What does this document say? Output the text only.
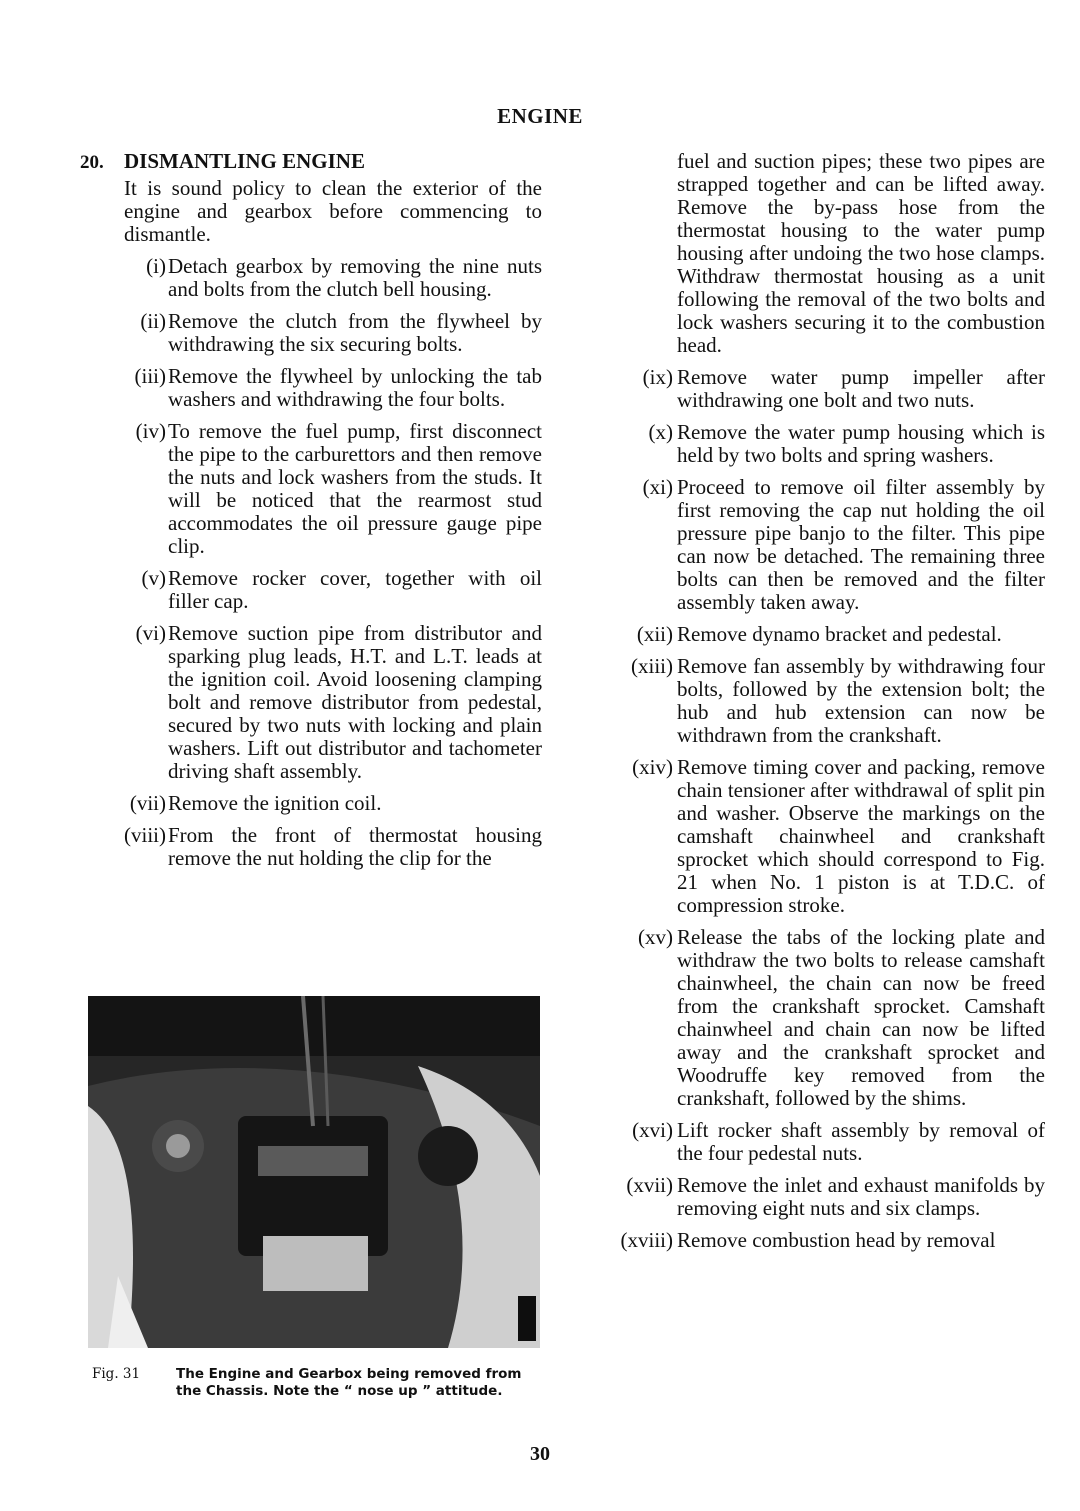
ENGINE
20. DISMANTLING ENGINE
It is sound policy to clean the exterior of the engine and gearbox before commencing to dismantle.
(i) Detach gearbox by removing the nine nuts and bolts from the clutch bell housing.
(ii) Remove the clutch from the flywheel by withdrawing the six securing bolts.
(iii) Remove the flywheel by unlocking the tab washers and withdrawing the four bolts.
(iv) To remove the fuel pump, first disconnect the pipe to the carburettors and then remove the nuts and lock washers from the studs. It will be noticed that the rearmost stud accommodates the oil pressure gauge pipe clip.
(v) Remove rocker cover, together with oil filler cap.
(vi) Remove suction pipe from distributor and sparking plug leads, H.T. and L.T. leads at the ignition coil. Avoid loosening clamping bolt and remove distributor from pedestal, secured by two nuts with locking and plain washers. Lift out distributor and tachometer driving shaft assembly.
(vii) Remove the ignition coil.
(viii) From the front of thermostat housing remove the nut holding the clip for the
Fig. 31	The Engine and Gearbox being removed from the Chassis. Note the “ nose up ” attitude.
fuel and suction pipes; these two pipes are strapped together and can be lifted away. Remove the by-pass hose from the thermostat housing to the water pump housing after undoing the two hose clamps. Withdraw thermostat housing as a unit following the removal of the two bolts and lock washers securing it to the combustion head.
(ix) Remove water pump impeller after withdrawing one bolt and two nuts.
(x) Remove the water pump housing which is held by two bolts and spring washers.
(xi) Proceed to remove oil filter assembly by first removing the cap nut holding the oil pressure pipe banjo to the filter. This pipe can now be detached. The remaining three bolts can then be removed and the filter assembly taken away.
(xii) Remove dynamo bracket and pedestal.
(xiii) Remove fan assembly by withdrawing four bolts, followed by the extension bolt; the hub and hub extension can now be withdrawn from the crankshaft.
(xiv) Remove timing cover and packing, remove chain tensioner after withdrawal of split pin and washer. Observe the markings on the camshaft chainwheel and crankshaft sprocket which should correspond to Fig. 21 when No. 1 piston is at T.D.C. of compression stroke.
(xv) Release the tabs of the locking plate and withdraw the two bolts to release camshaft chainwheel, the chain can now be freed from the crankshaft sprocket. Camshaft chainwheel and chain can now be lifted away and the crankshaft sprocket and Woodruffe key removed from the crankshaft, followed by the shims.
(xvi) Lift rocker shaft assembly by removal of the four pedestal nuts.
(xvii) Remove the inlet and exhaust manifolds by removing eight nuts and six clamps.
(xviii) Remove combustion head by removal
30
